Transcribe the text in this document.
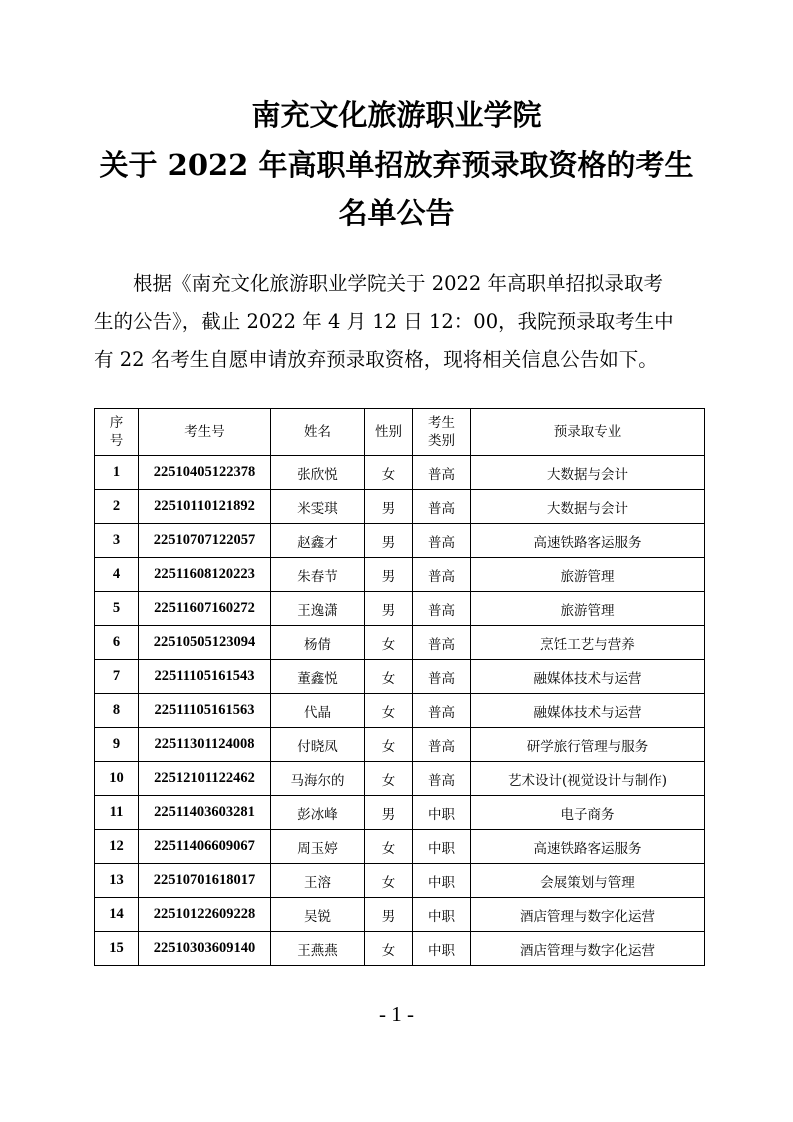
南充文化旅游职业学院
关于 2022 年高职单招放弃预录取资格的考生
名单公告
　　根据《南充文化旅游职业学院关于 2022 年高职单招拟录取考
生的公告》，截止 2022 年 4 月 12 日 12：00，我院预录取考生中
有 22 名考生自愿申请放弃预录取资格，现将相关信息公告如下。
序号	考生号	姓名	性别	考生类别	预录取专业
1	22510405122378	张欣悦	女	普高	大数据与会计
2	22510110121892	米雯琪	男	普高	大数据与会计
3	22510707122057	赵鑫才	男	普高	高速铁路客运服务
4	22511608120223	朱春节	男	普高	旅游管理
5	22511607160272	王逸潇	男	普高	旅游管理
6	22510505123094	杨倩	女	普高	烹饪工艺与营养
7	22511105161543	董鑫悦	女	普高	融媒体技术与运营
8	22511105161563	代晶	女	普高	融媒体技术与运营
9	22511301124008	付晓凤	女	普高	研学旅行管理与服务
10	22512101122462	马海尔的	女	普高	艺术设计(视觉设计与制作)
11	22511403603281	彭冰峰	男	中职	电子商务
12	22511406609067	周玉婷	女	中职	高速铁路客运服务
13	22510701618017	王溶	女	中职	会展策划与管理
14	22510122609228	吴锐	男	中职	酒店管理与数字化运营
15	22510303609140	王燕燕	女	中职	酒店管理与数字化运营
- 1 -
